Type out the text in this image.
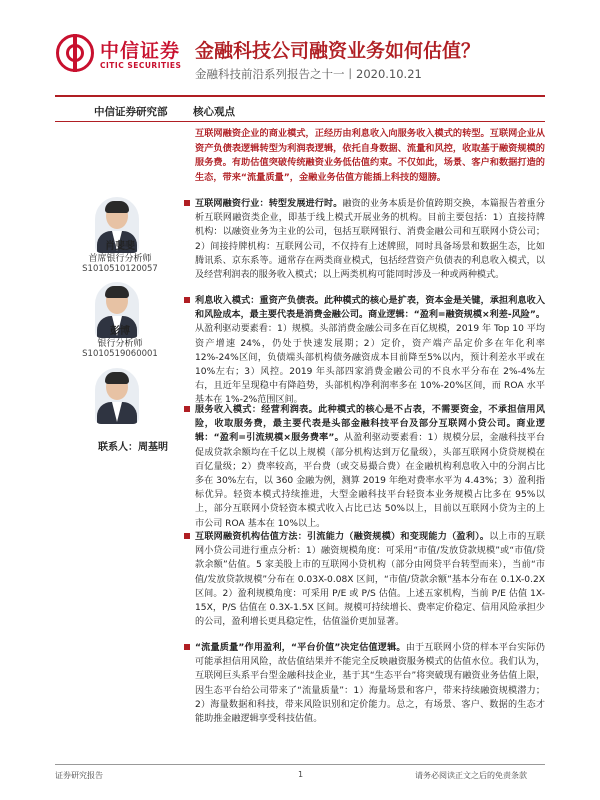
中信证券
CITIC SECURITIES
金融科技公司融资业务如何估值？
金融科技前沿系列报告之十一丨2020.10.21
中信证券研究部 核心观点
肖斐斐
首席银行分析师
S1010510120057
彭博
银行分析师
S1010519060001
联系人：周基明
互联网融资企业的商业模式，正经历由利息收入向服务收入模式的转型。互联网企业从资产负债表逻辑转型为利润表逻辑，依托自身数据、流量和风控，收取基于融资规模的服务费。有助估值突破传统融资业务低估值约束。不仅如此，场景、客户和数据打造的生态，带来“流量质量”，金融业务估值方能插上科技的翅膀。
互联网融资行业：转型发展进行时。融资的业务本质是价值跨期交换，本篇报告着重分析互联网融资类企业，即基于线上模式开展业务的机构。目前主要包括：1）直接持牌机构：以融资业务为主业的公司，包括互联网银行、消费金融公司和互联网小贷公司；2）间接持牌机构：互联网公司，不仅持有上述牌照，同时具备场景和数据生态，比如腾讯系、京东系等。通常存在两类商业模式，包括经营资产负债表的利息收入模式，以及经营利润表的服务收入模式；以上两类机构可能同时涉及一种或两种模式。
利息收入模式：重资产负债表。此种模式的核心是扩表，资本金是关键，承担利息收入和风险成本，最主要代表是消费金融公司。商业逻辑：“盈利=融资规模×利差-风险”。从盈利驱动要素看：1）规模。头部消费金融公司多在百亿规模，2019 年 Top 10 平均资产增速 24%，仍处于快速发展期；2）定价，资产端产品定价多在年化利率 12%-24%区间，负债端头部机构债务融资成本目前降至5%以内，预计利差水平或在 10%左右；3）风控。2019 年头部四家消费金融公司的不良水平分布在 2%-4%左右，且近年呈现稳中有降趋势，头部机构净利润率多在 10%-20%区间，而 ROA 水平基本在 1%-2%范围区间。
服务收入模式：经营利润表。此种模式的核心是不占表，不需要资金，不承担信用风险，收取服务费，最主要代表是头部金融科技平台及部分互联网小贷公司。商业逻辑：“盈利=引流规模×服务费率”。从盈利驱动要素看：1）规模分层，金融科技平台促成贷款余额均在千亿以上规模（部分机构达到万亿量级），头部互联网小贷贷规模在百亿量级；2）费率较高，平台费（或交易撮合费）在金融机构利息收入中的分润占比多在 30%左右，以 360 金融为例，测算 2019 年绝对费率水平为 4.43%；3）盈利指标优异。轻资本模式持续推进，大型金融科技平台轻资本业务规模占比多在 95%以上，部分互联网小贷轻资本模式收入占比已达 50%以上，目前以互联网小贷为主的上市公司 ROA 基本在 10%以上。
互联网融资机构估值方法：引流能力（融资规模）和变现能力（盈利）。以上市的互联网小贷公司进行重点分析：1）融资规模角度：可采用“市值/发放贷款规模”或“市值/贷款余额”估值。5 家美股上市的互联网小贷机构（部分由网贷平台转型而来），当前“市值/发放贷款规模”分布在 0.03X-0.08X 区间，“市值/贷款余额”基本分布在 0.1X-0.2X 区间。2）盈利规模角度：可采用 P/E 或 P/S 估值。上述五家机构，当前 P/E 估值 1X-15X，P/S 估值在 0.3X-1.5X 区间。规模可持续增长、费率定价稳定、信用风险承担少的公司，盈利增长更具稳定性，估值溢价更加显著。
“流量质量”作用盈利，“平台价值”决定估值逻辑。由于互联网小贷的样本平台实际仍可能承担信用风险，故估值结果并不能完全反映融资服务模式的估值水位。我们认为，互联网巨头系平台型金融科技企业，基于其“生态平台”将突破现有融资业务估值上限，因生态平台给公司带来了“流量质量”：1）海量场景和客户，带来持续融资规模潜力；2）海量数据和科技，带来风险识别和定价能力。总之，有场景、客户、数据的生态才能助推金融逻辑享受科技估值。
证券研究报告	1	请务必阅读正文之后的免责条款
